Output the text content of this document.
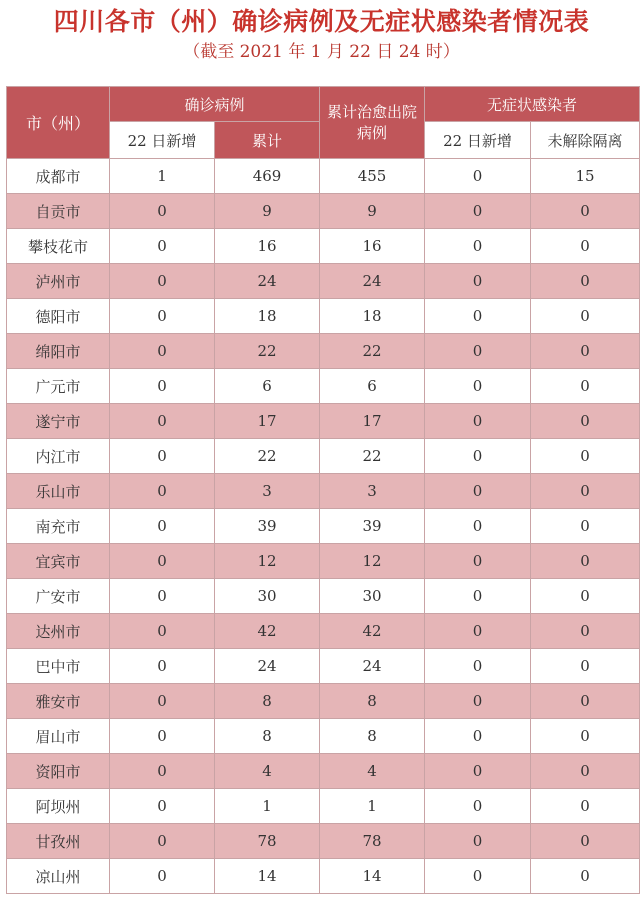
四川各市（州）确诊病例及无症状感染者情况表
（截至 2021 年 1 月 22 日 24 时）
市（州）	确诊病例		累计治愈出院病例	无症状感染者	
	22 日新增	累计		22 日新增	未解除隔离
成都市	1	469	455	0	15
自贡市	0	9	9	0	0
攀枝花市	0	16	16	0	0
泸州市	0	24	24	0	0
德阳市	0	18	18	0	0
绵阳市	0	22	22	0	0
广元市	0	6	6	0	0
遂宁市	0	17	17	0	0
内江市	0	22	22	0	0
乐山市	0	3	3	0	0
南充市	0	39	39	0	0
宜宾市	0	12	12	0	0
广安市	0	30	30	0	0
达州市	0	42	42	0	0
巴中市	0	24	24	0	0
雅安市	0	8	8	0	0
眉山市	0	8	8	0	0
资阳市	0	4	4	0	0
阿坝州	0	1	1	0	0
甘孜州	0	78	78	0	0
凉山州	0	14	14	0	0
